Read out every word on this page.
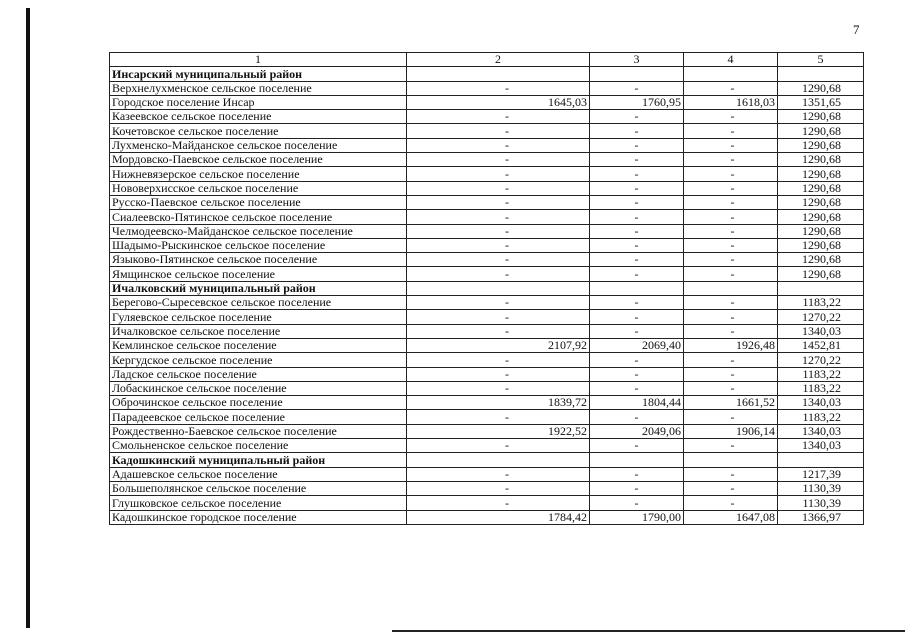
7
1	2	3	4	5
Инсарский муниципальный район				
Верхнелухменское сельское поселение	-	-	-	1290,68
Городское поселение Инсар	1645,03	1760,95	1618,03	1351,65
Казеевское сельское поселение	-	-	-	1290,68
Кочетовское сельское поселение	-	-	-	1290,68
Лухменско-Майданское сельское поселение	-	-	-	1290,68
Мордовско-Паевское сельское поселение	-	-	-	1290,68
Нижневязерское сельское поселение	-	-	-	1290,68
Нововерхисское сельское поселение	-	-	-	1290,68
Русско-Паевское сельское поселение	-	-	-	1290,68
Сиалеевско-Пятинское сельское поселение	-	-	-	1290,68
Челмодеевско-Майданское сельское поселение	-	-	-	1290,68
Шадымо-Рыскинское сельское поселение	-	-	-	1290,68
Языково-Пятинское сельское поселение	-	-	-	1290,68
Ямщинское сельское поселение	-	-	-	1290,68
Ичалковский муниципальный район				
Берегово-Сыресевское сельское поселение	-	-	-	1183,22
Гуляевское сельское поселение	-	-	-	1270,22
Ичалковское сельское поселение	-	-	-	1340,03
Кемлинское сельское поселение	2107,92	2069,40	1926,48	1452,81
Кергудское сельское поселение	-	-	-	1270,22
Ладское сельское поселение	-	-	-	1183,22
Лобаскинское сельское поселение	-	-	-	1183,22
Оброчинское сельское поселение	1839,72	1804,44	1661,52	1340,03
Парадеевское сельское поселение	-	-	-	1183,22
Рождественно-Баевское сельское поселение	1922,52	2049,06	1906,14	1340,03
Смольненское сельское поселение	-	-	-	1340,03
Кадошкинский муниципальный район				
Адашевское сельское поселение	-	-	-	1217,39
Большеполянское сельское поселение	-	-	-	1130,39
Глушковское сельское поселение	-	-	-	1130,39
Кадошкинское городское поселение	1784,42	1790,00	1647,08	1366,97
